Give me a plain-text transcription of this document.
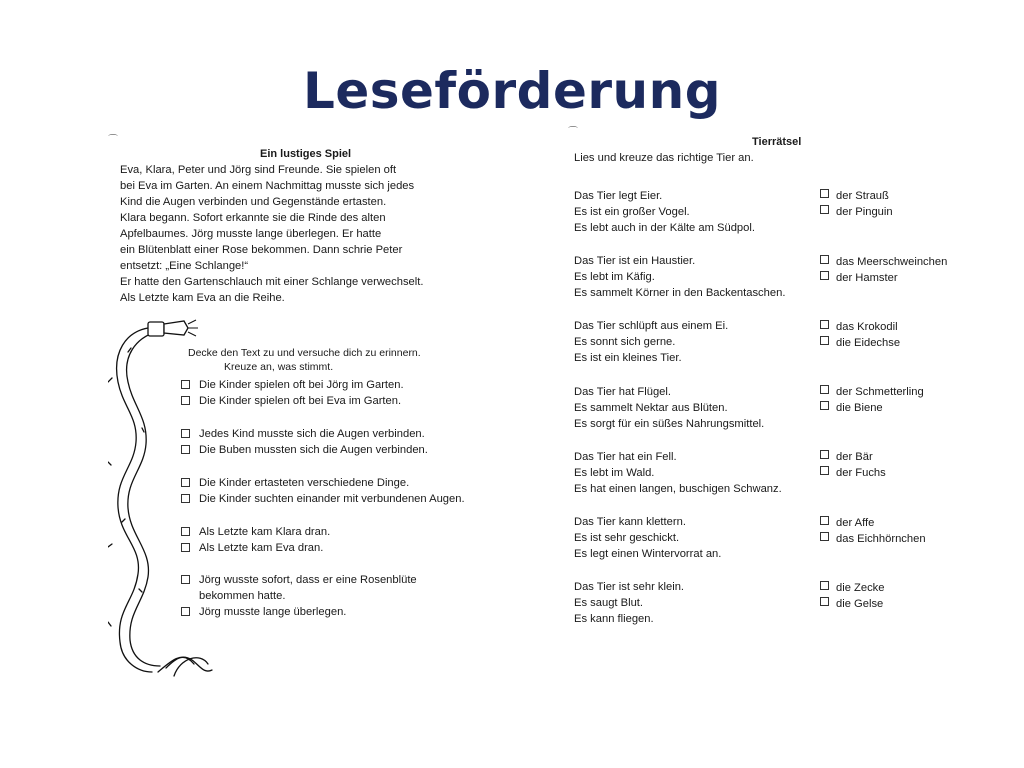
Leseförderung
⌒
Ein lustiges Spiel
Eva, Klara, Peter und Jörg sind Freunde. Sie spielen oft
bei Eva im Garten. An einem Nachmittag musste sich jedes
Kind die Augen verbinden und Gegenstände ertasten.
Klara begann. Sofort erkannte sie die Rinde des alten
Apfelbaumes. Jörg musste lange überlegen. Er hatte
ein Blütenblatt einer Rose bekommen. Dann schrie Peter
entsetzt: „Eine Schlange!“
Er hatte den Gartenschlauch mit einer Schlange verwechselt.
Als Letzte kam Eva an die Reihe.
Decke den Text zu und versuche dich zu erinnern.
Kreuze an, was stimmt.
Die Kinder spielen oft bei Jörg im Garten.
Die Kinder spielen oft bei Eva im Garten.
Jedes Kind musste sich die Augen verbinden.
Die Buben mussten sich die Augen verbinden.
Die Kinder ertasteten verschiedene Dinge.
Die Kinder suchten einander mit verbundenen Augen.
Als Letzte kam Klara dran.
Als Letzte kam Eva dran.
Jörg wusste sofort, dass er eine Rosenblüte
bekommen hatte.
Jörg musste lange überlegen.
⌒
Tierrätsel
Lies und kreuze das richtige Tier an.
Das Tier legt Eier.
Es ist ein großer Vogel.
Es lebt auch in der Kälte am Südpol.
der Strauß
der Pinguin
Das Tier ist ein Haustier.
Es lebt im Käfig.
Es sammelt Körner in den Backentaschen.
das Meerschweinchen
der Hamster
Das Tier schlüpft aus einem Ei.
Es sonnt sich gerne.
Es ist ein kleines Tier.
das Krokodil
die Eidechse
Das Tier hat Flügel.
Es sammelt Nektar aus Blüten.
Es sorgt für ein süßes Nahrungsmittel.
der Schmetterling
die Biene
Das Tier hat ein Fell.
Es lebt im Wald.
Es hat einen langen, buschigen Schwanz.
der Bär
der Fuchs
Das Tier kann klettern.
Es ist sehr geschickt.
Es legt einen Wintervorrat an.
der Affe
das Eichhörnchen
Das Tier ist sehr klein.
Es saugt Blut.
Es kann fliegen.
die Zecke
die Gelse
